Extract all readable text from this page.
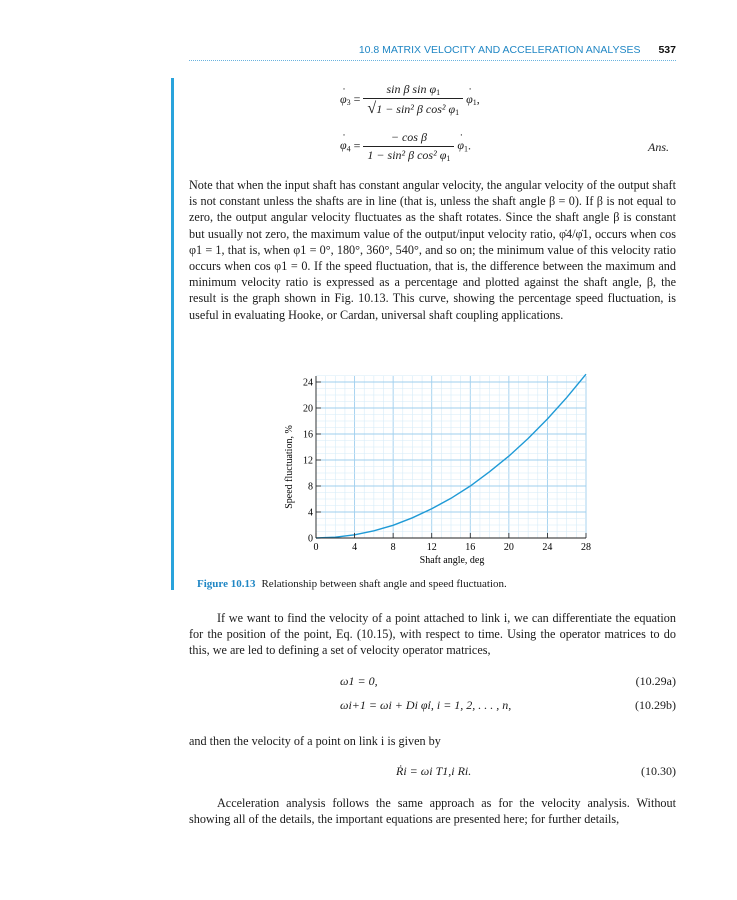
10.8 MATRIX VELOCITY AND ACCELERATION ANALYSES 537
˙ $\varphi_3 = \frac{\sin \beta \sin \varphi_1}{√1 - \sin^2 \beta \cos^2 \varphi_1}$ ˙ $\varphi_1$,
˙ $\varphi_4 = \frac{\text{− cos β}}{1 - \sin^2 \beta \cos^2 \varphi_1}$ ˙ $\varphi_1$.	Ans.
Note that when the input shaft has constant angular velocity, the angular velocity of the output shaft is not constant unless the shafts are in line (that is, unless the shaft angle β = 0). If β is not equal to zero, the output angular velocity fluctuates as the shaft rotates. Since the shaft angle β is constant but usually not zero, the maximum value of the output/input velocity ratio, φ̇4/φ̇1, occurs when cos φ1 = 1, that is, when φ1 = 0°, 180°, 360°, 540°, and so on; the minimum value of this velocity ratio occurs when cos φ1 = 0. If the speed fluctuation, that is, the difference between the maximum and minimum velocity ratio is expressed as a percentage and plotted against the shaft angle, β, the result is the graph shown in Fig. 10.13. This curve, showing the percentage speed fluctuation, is useful in evaluating Hooke, or Cardan, universal shaft coupling applications.
0	4	8	12	16	20	24	28
0
4
8
12
16
20
24
Shaft angle, deg
Speed fluctuation, %
Figure 10.13 Relationship between shaft angle and speed fluctuation.
If we want to find the velocity of a point attached to link i, we can differentiate the equation for the position of the point, Eq. (10.15), with respect to time. Using the operator matrices to do this, we are led to defining a set of velocity operator matrices,
ω1 = 0,	(10.29a)
ωi+1 = ωi + Di φ̇i, i = 1, 2, . . . , n,	(10.29b)
and then the velocity of a point on link i is given by
Ṙi = ωi T1,i Ri.	(10.30)
Acceleration analysis follows the same approach as for the velocity analysis. Without showing all of the details, the important equations are presented here; for further details,
